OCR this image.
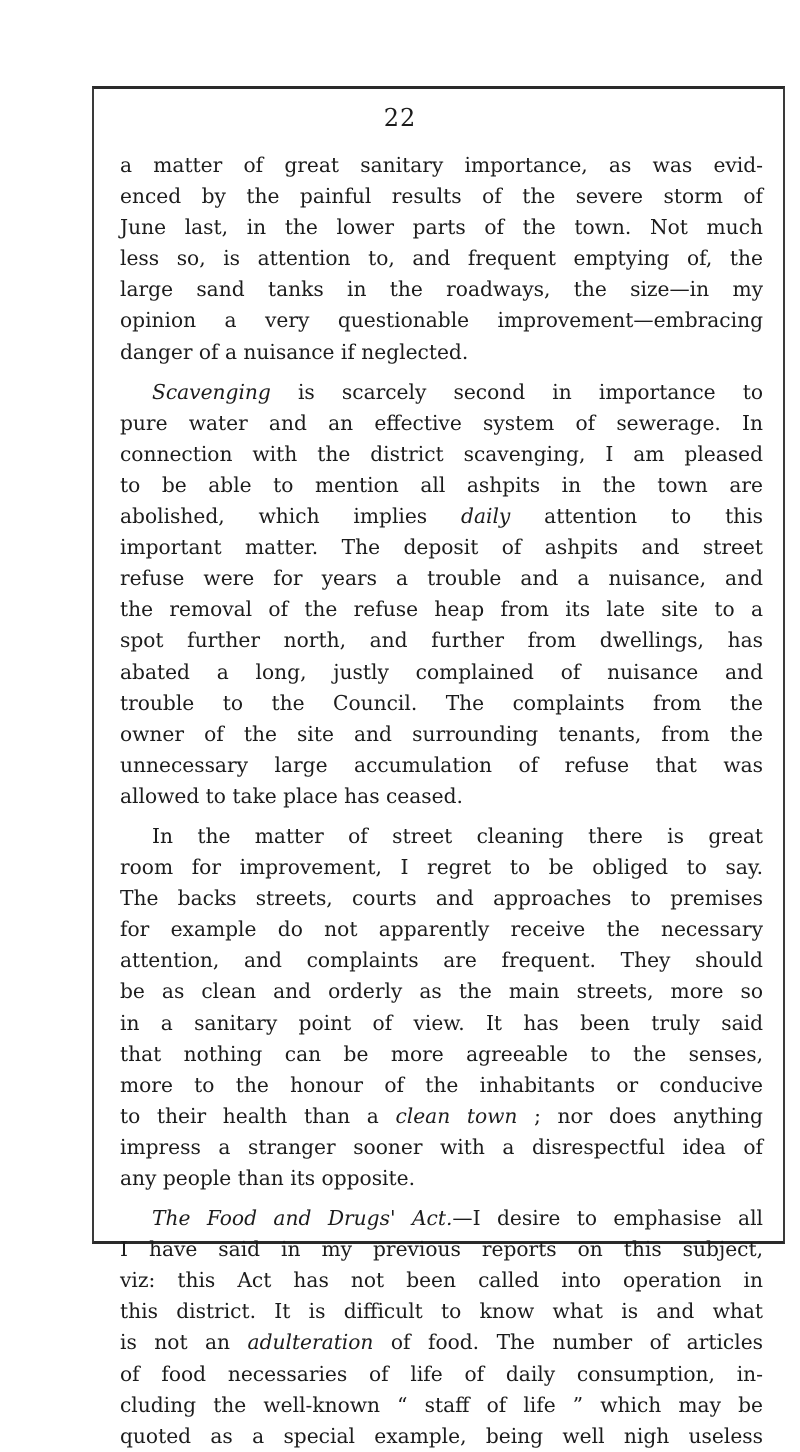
22
a matter of great sanitary importance, as was evid-
enced by the painful results of the severe storm of
June last, in the lower parts of the town. Not much
less so, is attention to, and frequent emptying of, the
large sand tanks in the roadways, the size—in my
opinion a very questionable improvement—embracing
danger of a nuisance if neglected.
Scavenging is scarcely second in importance to
pure water and an effective system of sewerage. In
connection with the district scavenging, I am pleased
to be able to mention all ashpits in the town are
abolished, which implies daily attention to this
important matter. The deposit of ashpits and street
refuse were for years a trouble and a nuisance, and
the removal of the refuse heap from its late site to a
spot further north, and further from dwellings, has
abated a long, justly complained of nuisance and
trouble to the Council. The complaints from the
owner of the site and surrounding tenants, from the
unnecessary large accumulation of refuse that was
allowed to take place has ceased.
In the matter of street cleaning there is great
room for improvement, I regret to be obliged to say.
The backs streets, courts and approaches to premises
for example do not apparently receive the necessary
attention, and complaints are frequent. They should
be as clean and orderly as the main streets, more so
in a sanitary point of view. It has been truly said
that nothing can be more agreeable to the senses,
more to the honour of the inhabitants or conducive
to their health than a clean town ; nor does anything
impress a stranger sooner with a disrespectful idea of
any people than its opposite.
The Food and Drugs' Act.—I desire to emphasise all
I have said in my previous reports on this subject,
viz: this Act has not been called into operation in
this district. It is difficult to know what is and what
is not an adulteration of food. The number of articles
of food necessaries of life of daily consumption, in-
cluding the well-known “ staff of life ” which may be
quoted as a special example, being well nigh useless
